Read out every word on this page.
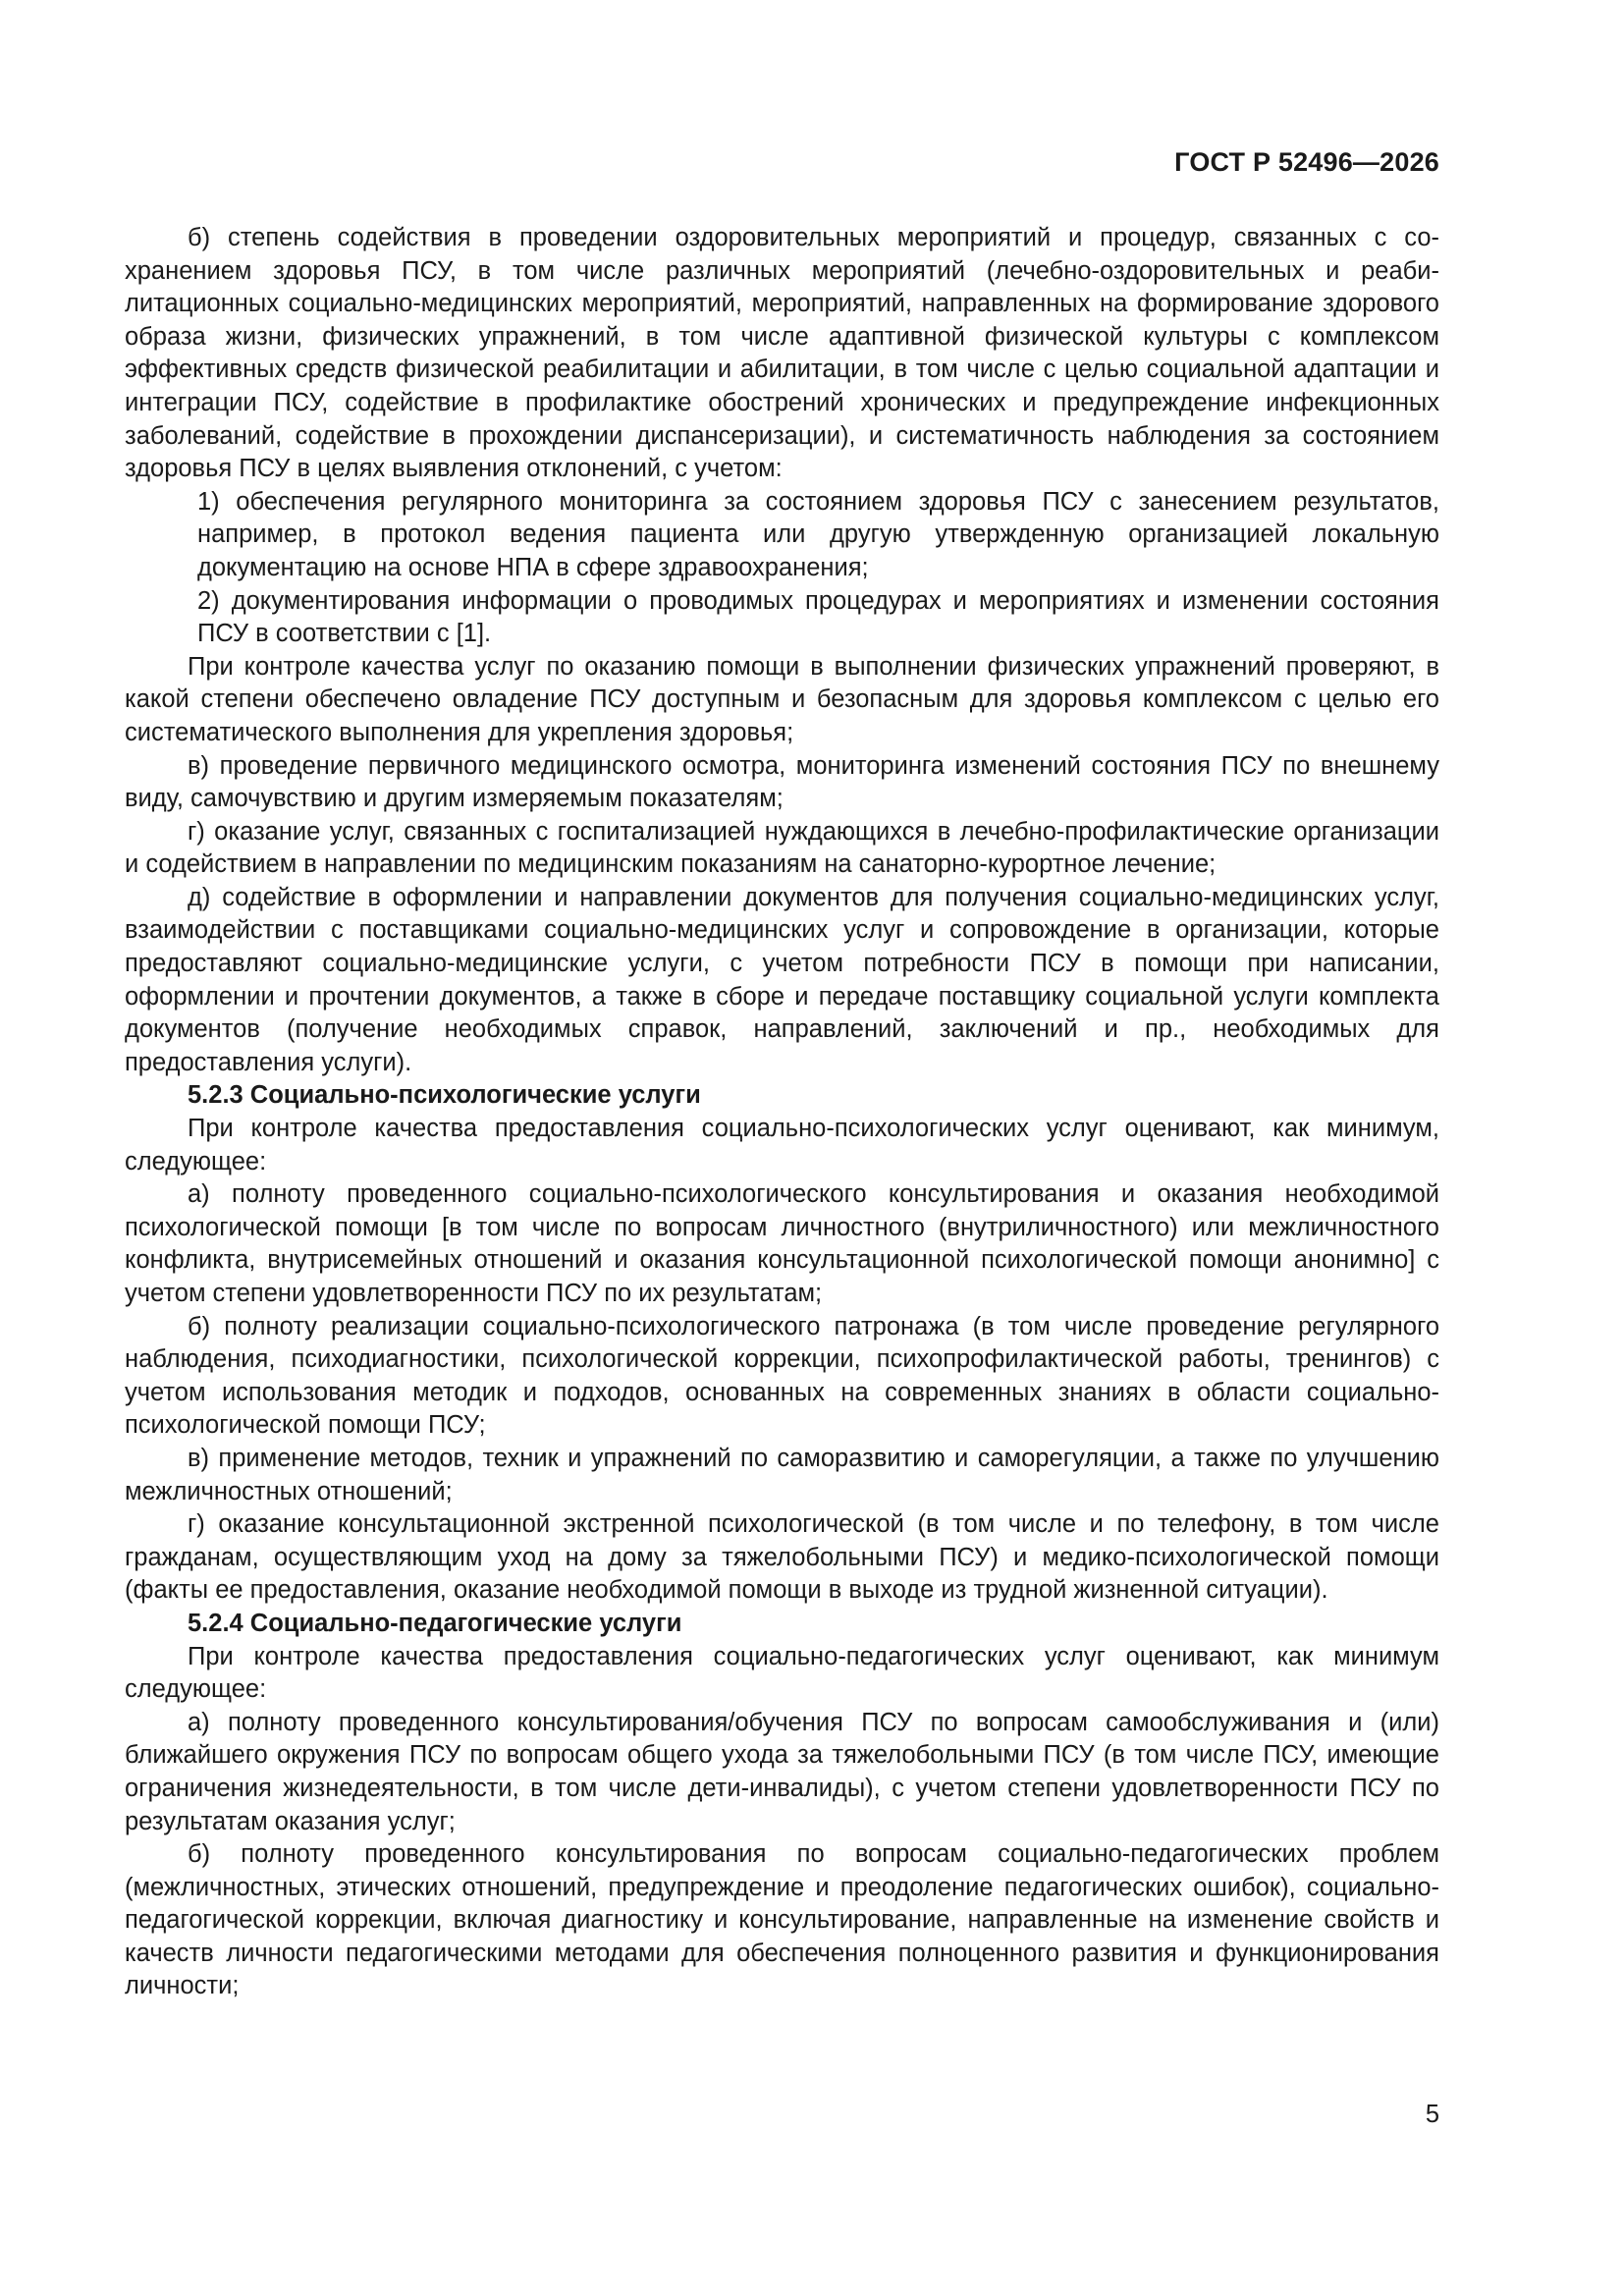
ГОСТ Р 52496—2026

б) степень содействия в проведении оздоровительных мероприятий и процедур, связанных с сохранением здоровья ПСУ, в том числе различных мероприятий (лечебно-оздоровительных и реабилитационных социально-медицинских мероприятий, мероприятий, направленных на формирование здорового образа жизни, физических упражнений, в том числе адаптивной физической культуры с комплексом эффективных средств физической реабилитации и абилитации, в том числе с целью социальной адаптации и интеграции ПСУ, содействие в профилактике обострений хронических и предупреждение инфекционных заболеваний, содействие в прохождении диспансеризации), и систематичность наблюдения за состоянием здоровья ПСУ в целях выявления отклонений, с учетом:

1) обеспечения регулярного мониторинга за состоянием здоровья ПСУ с занесением результатов, например, в протокол ведения пациента или другую утвержденную организацией локальную документацию на основе НПА в сфере здравоохранения;

2) документирования информации о проводимых процедурах и мероприятиях и изменении состояния ПСУ в соответствии с [1].

При контроле качества услуг по оказанию помощи в выполнении физических упражнений проверяют, в какой степени обеспечено овладение ПСУ доступным и безопасным для здоровья комплексом с целью его систематического выполнения для укрепления здоровья;

в) проведение первичного медицинского осмотра, мониторинга изменений состояния ПСУ по внешнему виду, самочувствию и другим измеряемым показателям;

г) оказание услуг, связанных с госпитализацией нуждающихся в лечебно-профилактические организации и содействием в направлении по медицинским показаниям на санаторно-курортное лечение;

д) содействие в оформлении и направлении документов для получения социально-медицинских услуг, взаимодействии с поставщиками социально-медицинских услуг и сопровождение в организации, которые предоставляют социально-медицинские услуги, с учетом потребности ПСУ в помощи при написании, оформлении и прочтении документов, а также в сборе и передаче поставщику социальной услуги комплекта документов (получение необходимых справок, направлений, заключений и пр., необходимых для предоставления услуги).

5.2.3 Социально-психологические услуги

При контроле качества предоставления социально-психологических услуг оценивают, как минимум, следующее:

а) полноту проведенного социально-психологического консультирования и оказания необходимой психологической помощи [в том числе по вопросам личностного (внутриличностного) или межличностного конфликта, внутрисемейных отношений и оказания консультационной психологической помощи анонимно] с учетом степени удовлетворенности ПСУ по их результатам;

б) полноту реализации социально-психологического патронажа (в том числе проведение регулярного наблюдения, психодиагностики, психологической коррекции, психопрофилактической работы, тренингов) с учетом использования методик и подходов, основанных на современных знаниях в области социально-психологической помощи ПСУ;

в) применение методов, техник и упражнений по саморазвитию и саморегуляции, а также по улучшению межличностных отношений;

г) оказание консультационной экстренной психологической (в том числе и по телефону, в том числе гражданам, осуществляющим уход на дому за тяжелобольными ПСУ) и медико-психологической помощи (факты ее предоставления, оказание необходимой помощи в выходе из трудной жизненной ситуации).

5.2.4 Социально-педагогические услуги

При контроле качества предоставления социально-педагогических услуг оценивают, как минимум следующее:

а) полноту проведенного консультирования/обучения ПСУ по вопросам самообслуживания и (или) ближайшего окружения ПСУ по вопросам общего ухода за тяжелобольными ПСУ (в том числе ПСУ, имеющие ограничения жизнедеятельности, в том числе дети-инвалиды), с учетом степени удовлетворенности ПСУ по результатам оказания услуг;

б) полноту проведенного консультирования по вопросам социально-педагогических проблем (межличностных, этических отношений, предупреждение и преодоление педагогических ошибок), социально-педагогической коррекции, включая диагностику и консультирование, направленные на изменение свойств и качеств личности педагогическими методами для обеспечения полноценного развития и функционирования личности;

5
